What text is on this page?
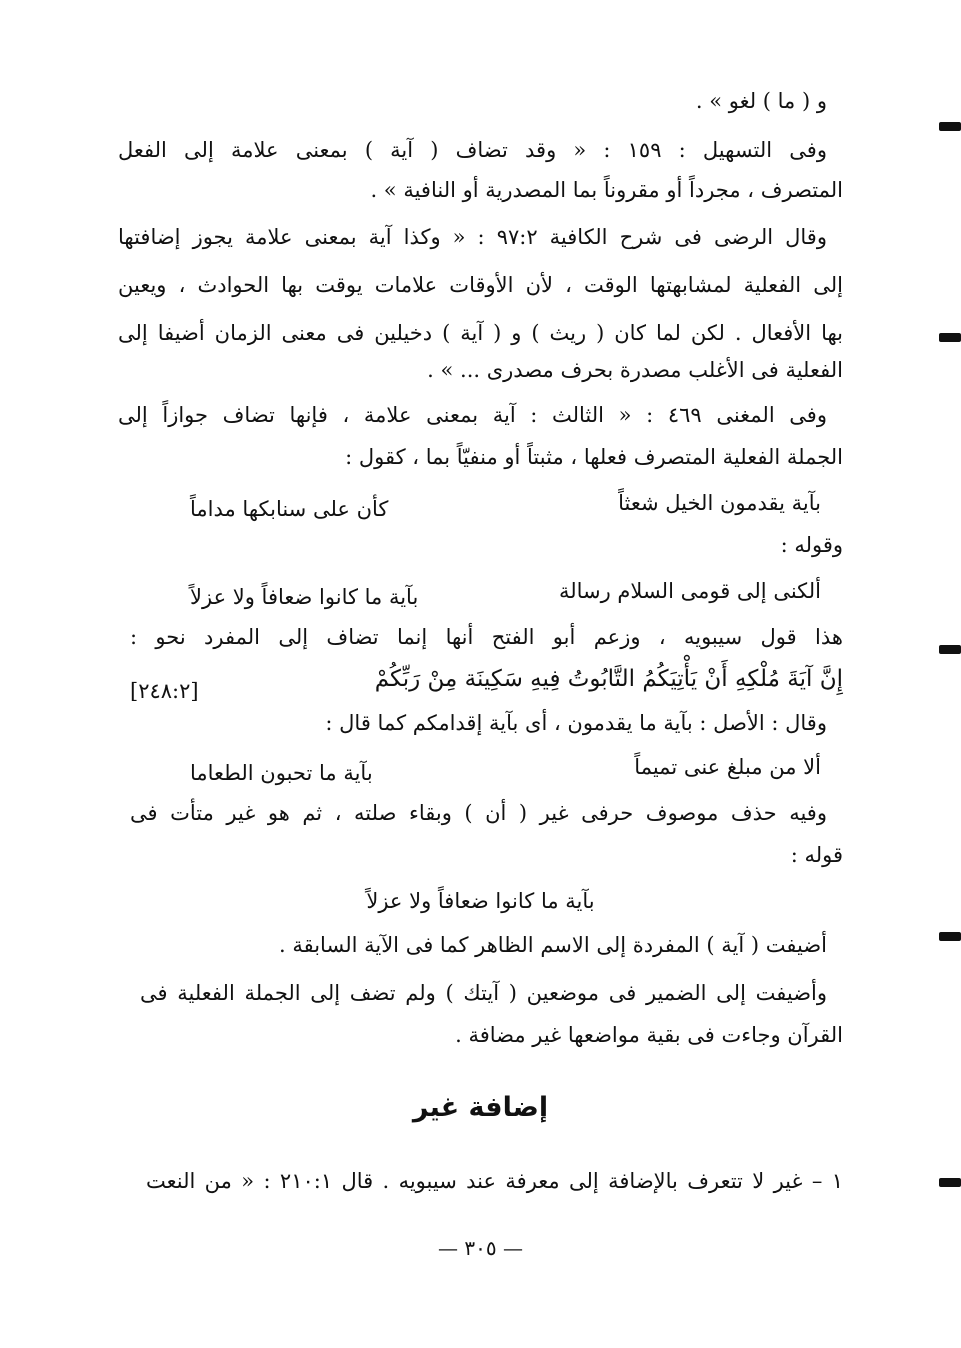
و ( ما ) لغو » .
وفى التسهيل : ١٥٩ : « وقد تضاف ( آية ) بمعنى علامة إلى الفعل
المتصرف ، مجرداً أو مقروناً بما المصدرية أو النافية » .
وقال الرضى فى شرح الكافية ٩٧:٢ : « وكذا آية بمعنى علامة يجوز إضافتها
إلى الفعلية لمشابهتها الوقت ، لأن الأوقات علامات يوقت بها الحوادث ، ويعين
بها الأفعال . لكن لما كان ( ريث ) و ( آية ) دخيلين فى معنى الزمان أضيفا إلى
الفعلية فى الأغلب مصدرة بحرف مصدرى ... » .
وفى المغنى ٤٦٩ : « الثالث : آية بمعنى علامة ، فإنها تضاف جوازاً إلى
الجملة الفعلية المتصرف فعلها ، مثبتاً أو منفيّاً بما ، كقول :
بآية يقدمون الخيل شعثاً
كأن على سنابكها مداماً
وقوله :
ألكنى إلى قومى السلام رسالة
بآية ما كانوا ضعافاً ولا عزلاً
هذا قول سيبويه ، وزعم أبو الفتح أنها إنما تضاف إلى المفرد نحو :
إِنَّ آيَةَ مُلْكِهِ أَنْ يَأْتِيَكُمُ التَّابُوتُ فِيهِ سَكِينَة مِنْ رَبِّكُمْ
[٢٤٨:٢]
وقال : الأصل : بآية ما يقدمون ، أى بآية إقدامكم كما قال :
ألا من مبلغ عنى تميماً
بآية ما تحبون الطعاما
وفيه حذف موصوف حرفى غير ( أن ) وبقاء صلته ، ثم هو غير متأت فى
قوله :
بآية ما كانوا ضعافاً ولا عزلاً
أضيفت ( آية ) المفردة إلى الاسم الظاهر كما فى الآية السابقة .
وأضيفت إلى الضمير فى موضعين ( آيتك ) ولم تضف إلى الجملة الفعلية فى
القرآن وجاءت فى بقية مواضعها غير مضافة .
إضافة غير
١ – غير لا تتعرف بالإضافة إلى معرفة عند سيبويه . قال ٢١٠:١ : « من النعت
— ٣٠٥ —
